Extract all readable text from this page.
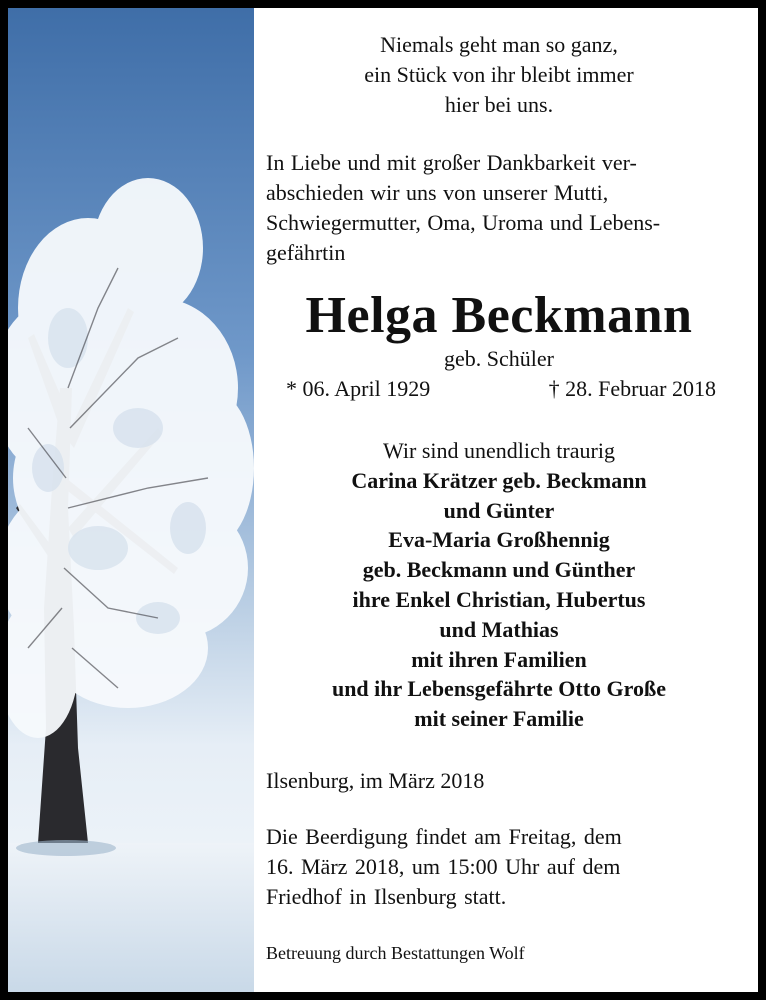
Niemals geht man so ganz,
ein Stück von ihr bleibt immer
hier bei uns.
In Liebe und mit großer Dankbarkeit ver-
abschieden wir uns von unserer Mutti,
Schwiegermutter, Oma, Uroma und Lebens-
gefährtin
Helga Beckmann
geb. Schüler
* 06. April 1929	† 28. Februar 2018
Wir sind unendlich traurig
Carina Krätzer geb. Beckmann
und Günter
Eva-Maria Großhennig
geb. Beckmann und Günther
ihre Enkel Christian, Hubertus
und Mathias
mit ihren Familien
und ihr Lebensgefährte Otto Große
mit seiner Familie
Ilsenburg, im März 2018
Die Beerdigung findet am Freitag, dem
16. März 2018, um 15:00 Uhr auf dem
Friedhof in Ilsenburg statt.
Betreuung durch Bestattungen Wolf
